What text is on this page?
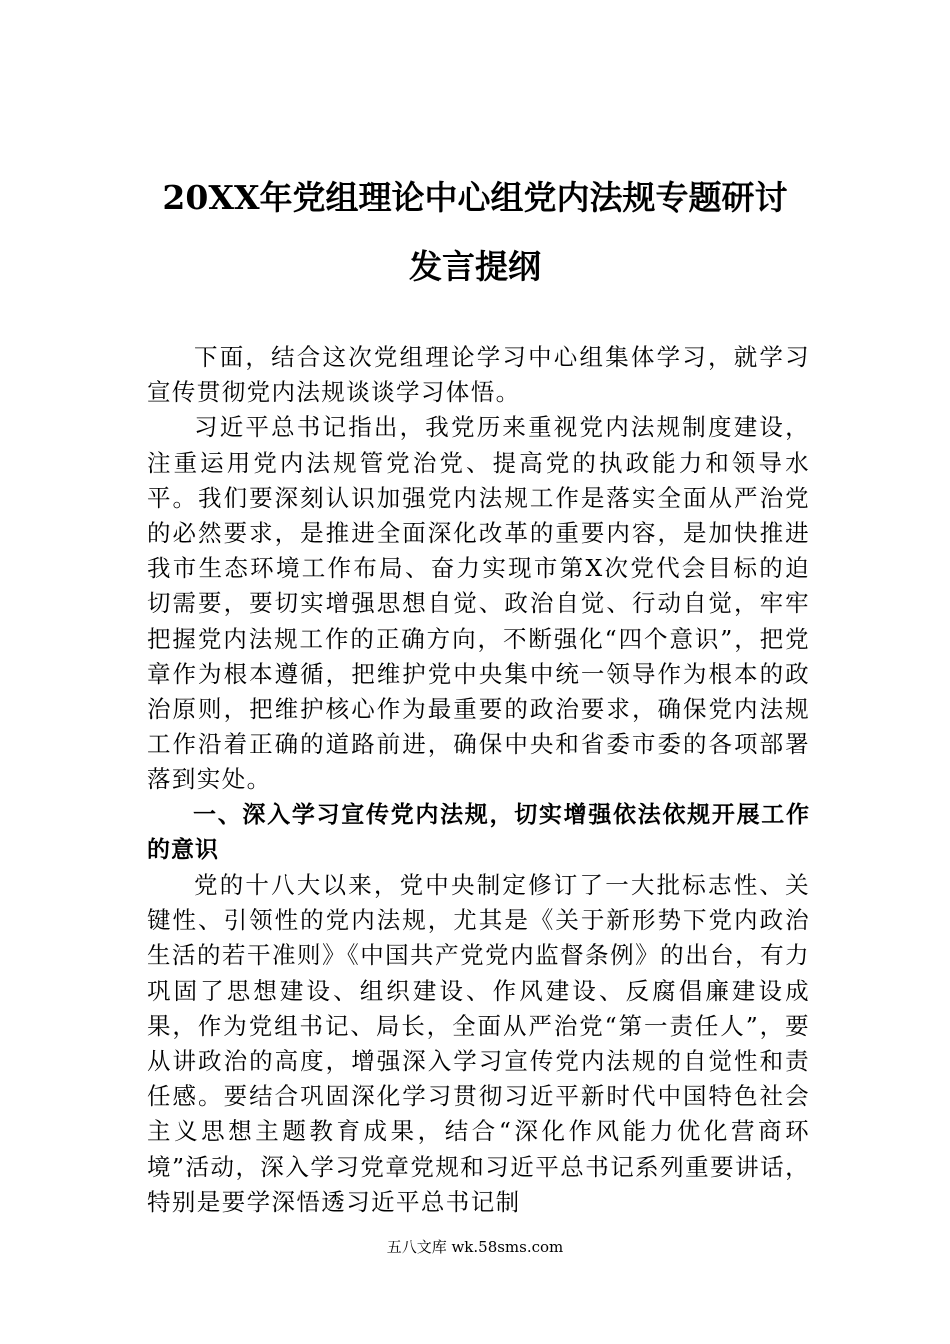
20XX年党组理论中心组党内法规专题研讨
发言提纲

下面，结合这次党组理论学习中心组集体学习，就学习宣传贯彻党内法规谈谈学习体悟。

习近平总书记指出，我党历来重视党内法规制度建设，注重运用党内法规管党治党、提高党的执政能力和领导水平。我们要深刻认识加强党内法规工作是落实全面从严治党的必然要求，是推进全面深化改革的重要内容，是加快推进我市生态环境工作布局、奋力实现市第X次党代会目标的迫切需要，要切实增强思想自觉、政治自觉、行动自觉，牢牢把握党内法规工作的正确方向，不断强化“四个意识”，把党章作为根本遵循，把维护党中央集中统一领导作为根本的政治原则，把维护核心作为最重要的政治要求，确保党内法规工作沿着正确的道路前进，确保中央和省委市委的各项部署落到实处。

一、深入学习宣传党内法规，切实增强依法依规开展工作的意识

党的十八大以来，党中央制定修订了一大批标志性、关键性、引领性的党内法规，尤其是《关于新形势下党内政治生活的若干准则》《中国共产党党内监督条例》的出台，有力巩固了思想建设、组织建设、作风建设、反腐倡廉建设成果，作为党组书记、局长，全面从严治党“第一责任人”，要从讲政治的高度，增强深入学习宣传党内法规的自觉性和责任感。要结合巩固深化学习贯彻习近平新时代中国特色社会主义思想主题教育成果，结合“深化作风能力优化营商环境”活动，深入学习党章党规和习近平总书记系列重要讲话，特别是要学深悟透习近平总书记制

五八文库 wk.58sms.com
